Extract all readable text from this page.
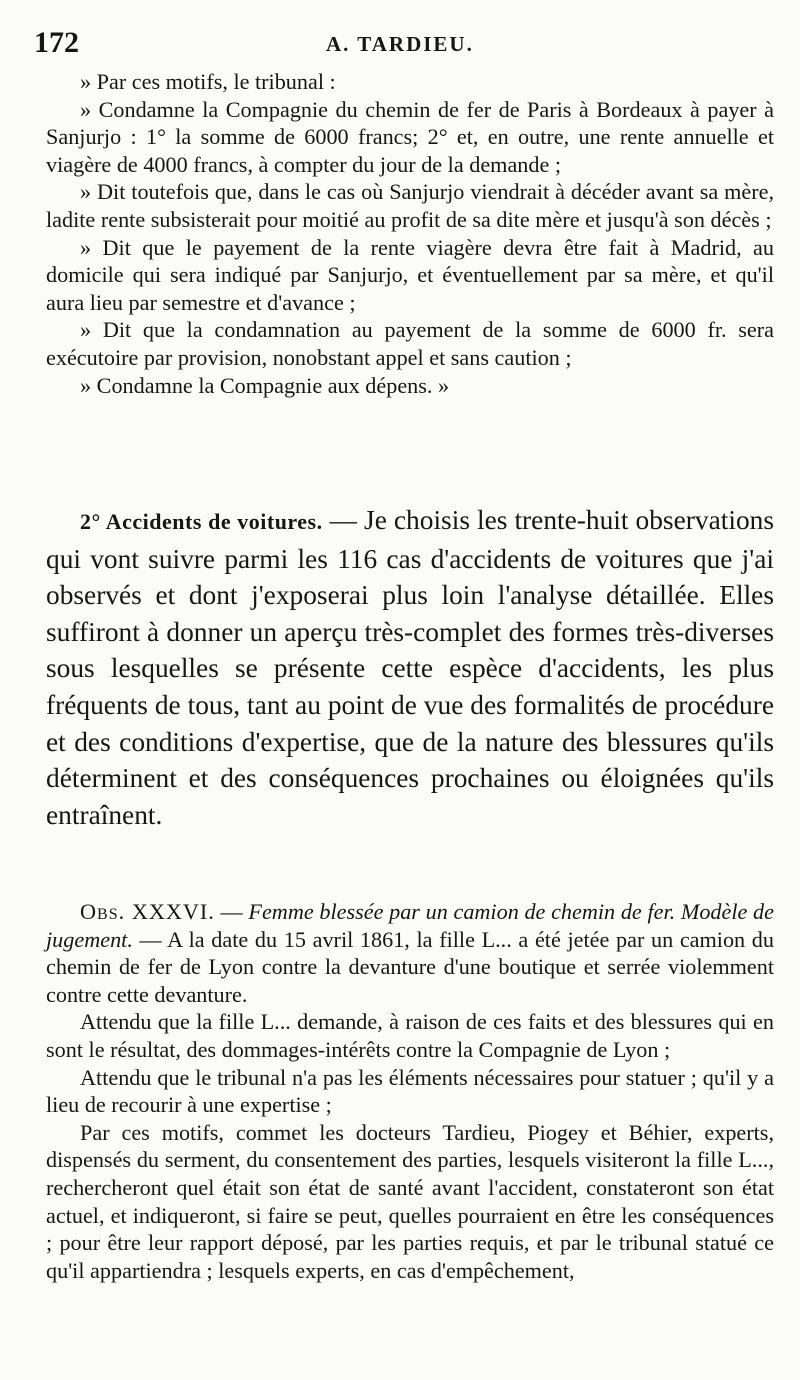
172	A. TARDIEU.

» Par ces motifs, le tribunal :

» Condamne la Compagnie du chemin de fer de Paris à Bordeaux à payer à Sanjurjo : 1° la somme de 6000 francs; 2° et, en outre, une rente annuelle et viagère de 4000 francs, à compter du jour de la demande ;

» Dit toutefois que, dans le cas où Sanjurjo viendrait à décéder avant sa mère, ladite rente subsisterait pour moitié au profit de sa dite mère et jusqu'à son décès ;

» Dit que le payement de la rente viagère devra être fait à Madrid, au domicile qui sera indiqué par Sanjurjo, et éventuellement par sa mère, et qu'il aura lieu par semestre et d'avance ;

» Dit que la condamnation au payement de la somme de 6000 fr. sera exécutoire par provision, nonobstant appel et sans caution ;

» Condamne la Compagnie aux dépens. »

2° Accidents de voitures. — Je choisis les trente-huit observations qui vont suivre parmi les 116 cas d'accidents de voitures que j'ai observés et dont j'exposerai plus loin l'analyse détaillée. Elles suffiront à donner un aperçu très-complet des formes très-diverses sous lesquelles se présente cette espèce d'accidents, les plus fréquents de tous, tant au point de vue des formalités de procédure et des conditions d'expertise, que de la nature des blessures qu'ils déterminent et des conséquences prochaines ou éloignées qu'ils entraînent.

Obs. XXXVI. — Femme blessée par un camion de chemin de fer. Modèle de jugement. — A la date du 15 avril 1861, la fille L... a été jetée par un camion du chemin de fer de Lyon contre la devanture d'une boutique et serrée violemment contre cette devanture.

Attendu que la fille L... demande, à raison de ces faits et des blessures qui en sont le résultat, des dommages-intérêts contre la Compagnie de Lyon ;

Attendu que le tribunal n'a pas les éléments nécessaires pour statuer ; qu'il y a lieu de recourir à une expertise ;

Par ces motifs, commet les docteurs Tardieu, Piogey et Béhier, experts, dispensés du serment, du consentement des parties, lesquels visiteront la fille L..., rechercheront quel était son état de santé avant l'accident, constateront son état actuel, et indiqueront, si faire se peut, quelles pourraient en être les conséquences ; pour être leur rapport déposé, par les parties requis, et par le tribunal statué ce qu'il appartiendra ; lesquels experts, en cas d'empêchement,
